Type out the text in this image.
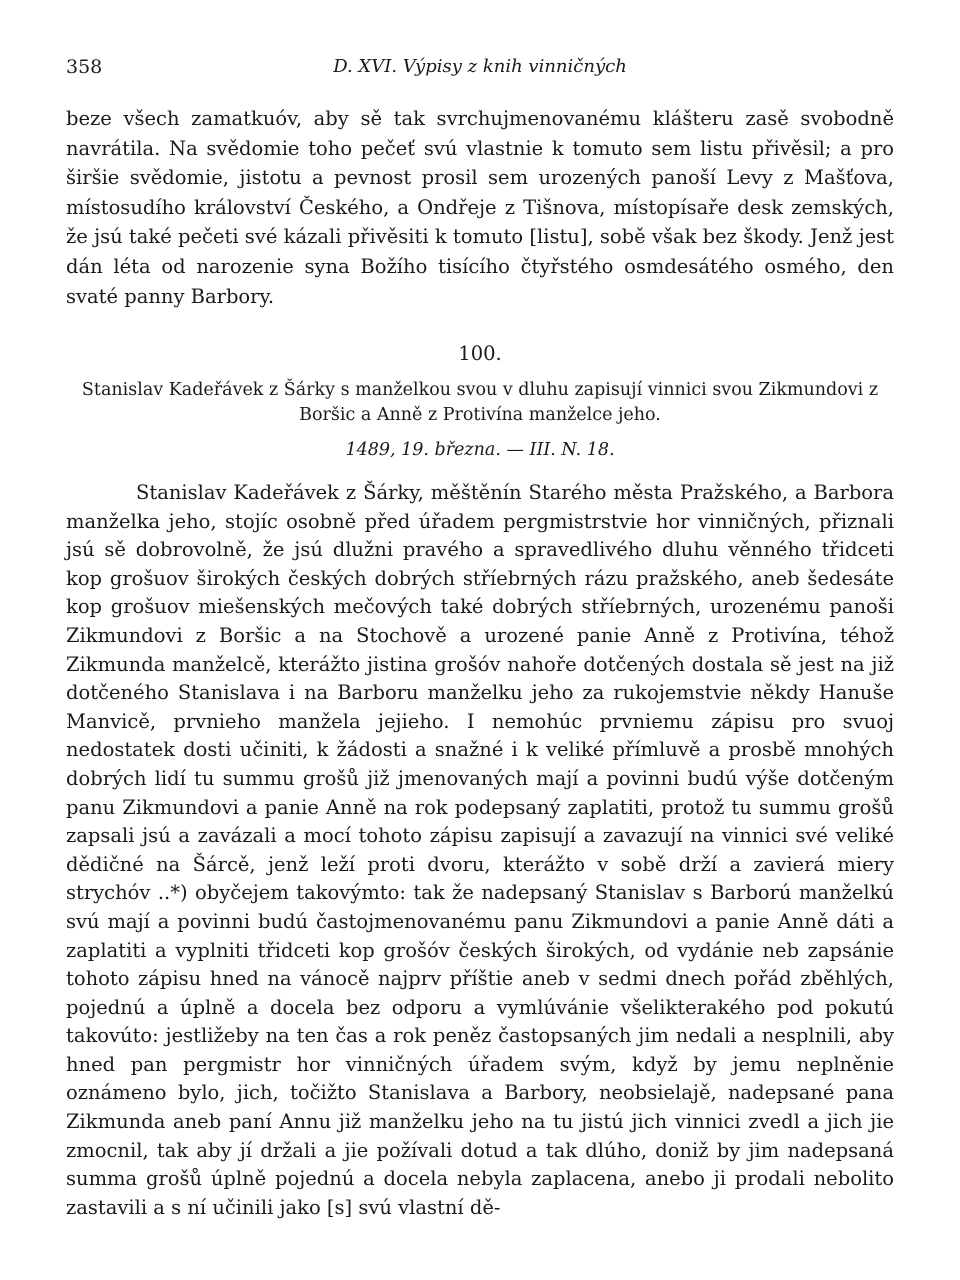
358	D. XVI. Výpisy z knih vinničných

beze všech zamatkuóv, aby sě tak svrchujmenovanému klášteru zasě svobodně navrátila. Na svědomie toho pečeť svú vlastnie k tomuto sem listu přivěsil; a pro širšie svědomie, jistotu a pevnost prosil sem urozených panoší Levy z Mašťova, místosudího království Českého, a Ondřeje z Tišnova, místopísaře desk zemských, že jsú také pečeti své kázali přivěsiti k tomuto [listu], sobě však bez škody. Jenž jest dán léta od narozenie syna Božího tisícího čtyřstého osmdesátého osmého, den svaté panny Barbory.

100.
Stanislav Kadeřávek z Šárky s manželkou svou v dluhu zapisují vinnici svou Zikmundovi z Boršic a Anně z Protivína manželce jeho.
1489, 19. března. — III. N. 18.

Stanislav Kadeřávek z Šárky, měštěnín Starého města Pražského, a Barbora manželka jeho, stojíc osobně před úřadem pergmistrstvie hor vinničných, přiznali jsú sě dobrovolně, že jsú dlužni pravého a spravedlivého dluhu věnného třidceti kop grošuov širokých českých dobrých stříebrných rázu pražského, aneb šedesáte kop grošuov miešenských mečových také dobrých stříebrných, urozenému panoši Zikmundovi z Boršic a na Stochově a urozené panie Anně z Protivína, téhož Zikmunda manželcě, kterážto jistina grošóv nahoře dotčených dostala sě jest na již dotčeného Stanislava i na Barboru manželku jeho za rukojemstvie někdy Hanuše Manvicě, prvnieho manžela jejieho. I nemohúc prvniemu zápisu pro svuoj nedostatek dosti učiniti, k žádosti a snažné i k veliké přímluvě a prosbě mnohých dobrých lidí tu summu grošů již jmenovaných mají a povinni budú výše dotčeným panu Zikmundovi a panie Anně na rok podepsaný zaplatiti, protož tu summu grošů zapsali jsú a zavázali a mocí tohoto zápisu zapisují a zavazují na vinnici své veliké dědičné na Šárcě, jenž leží proti dvoru, kterážto v sobě drží a zavierá miery strychóv ..*) obyčejem takovýmto: tak že nadepsaný Stanislav s Barború manželkú svú mají a povinni budú častojmenovanému panu Zikmundovi a panie Anně dáti a zaplatiti a vyplniti třidceti kop grošóv českých širokých, od vydánie neb zapsánie tohoto zápisu hned na vánocě najprv příštie aneb v sedmi dnech pořád zběhlých, pojednú a úplně a docela bez odporu a vymlúvánie všelikterakého pod pokutú takovúto: jestližeby na ten čas a rok peněz častopsaných jim nedali a nesplnili, aby hned pan pergmistr hor vinničných úřadem svým, když by jemu neplněnie oznámeno bylo, jich, točižto Stanislava a Barbory, neobsielajě, nadepsané pana Zikmunda aneb paní Annu již manželku jeho na tu jistú jich vinnici zvedl a jich jie zmocnil, tak aby jí držali a jie požívali dotud a tak dlúho, doniž by jim nadepsaná summa grošů úplně pojednú a docela nebyla zaplacena, anebo ji prodali nebolito zastavili a s ní učinili jako [s] svú vlastní dě-
